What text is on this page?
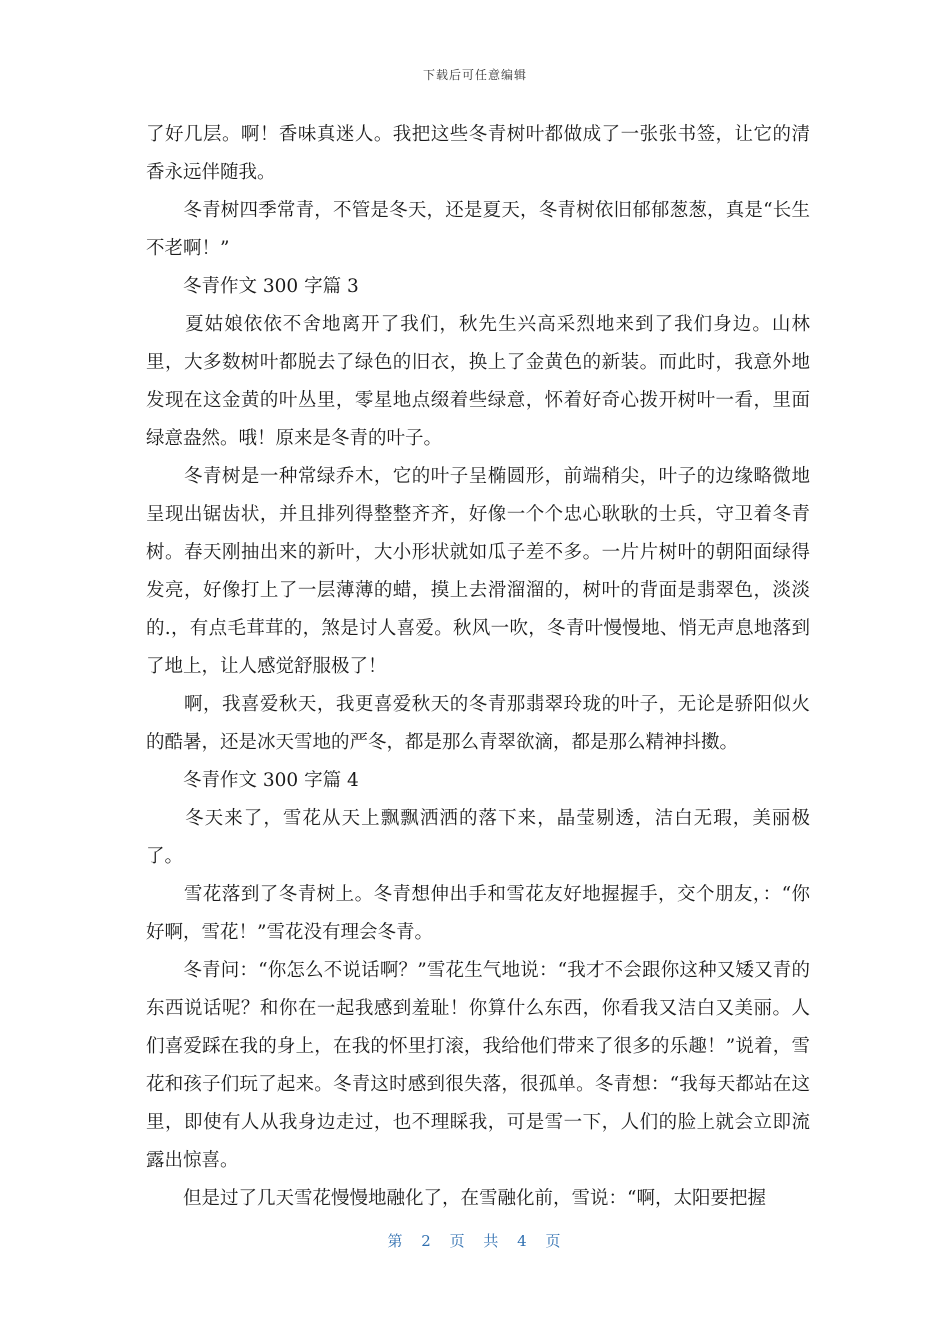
下载后可任意编辑

了好几层。啊！香味真迷人。我把这些冬青树叶都做成了一张张书签，让它的清香永远伴随我。

　　冬青树四季常青，不管是冬天，还是夏天，冬青树依旧郁郁葱葱，真是“长生不老啊！”

　　冬青作文 300 字篇 3

　　夏姑娘依依不舍地离开了我们，秋先生兴高采烈地来到了我们身边。山林里，大多数树叶都脱去了绿色的旧衣，换上了金黄色的新装。而此时，我意外地发现在这金黄的叶丛里，零星地点缀着些绿意，怀着好奇心拨开树叶一看，里面绿意盎然。哦！原来是冬青的叶子。

　　冬青树是一种常绿乔木，它的叶子呈椭圆形，前端稍尖，叶子的边缘略微地呈现出锯齿状，并且排列得整整齐齐，好像一个个忠心耿耿的士兵，守卫着冬青树。春天刚抽出来的新叶，大小形状就如瓜子差不多。一片片树叶的朝阳面绿得发亮，好像打上了一层薄薄的蜡，摸上去滑溜溜的，树叶的背面是翡翠色，淡淡的.，有点毛茸茸的，煞是讨人喜爱。秋风一吹，冬青叶慢慢地、悄无声息地落到了地上，让人感觉舒服极了！

　　啊，我喜爱秋天，我更喜爱秋天的冬青那翡翠玲珑的叶子，无论是骄阳似火的酷暑，还是冰天雪地的严冬，都是那么青翠欲滴，都是那么精神抖擞。

　　冬青作文 300 字篇 4

　　冬天来了，雪花从天上飘飘洒洒的落下来，晶莹剔透，洁白无瑕，美丽极了。

　　雪花落到了冬青树上。冬青想伸出手和雪花友好地握握手，交个朋友，：“你好啊，雪花！”雪花没有理会冬青。

　　冬青问：“你怎么不说话啊？”雪花生气地说：“我才不会跟你这种又矮又青的东西说话呢？和你在一起我感到羞耻！你算什么东西，你看我又洁白又美丽。人们喜爱踩在我的身上，在我的怀里打滚，我给他们带来了很多的乐趣！”说着，雪花和孩子们玩了起来。冬青这时感到很失落，很孤单。冬青想：“我每天都站在这里，即使有人从我身边走过，也不理睬我，可是雪一下，人们的脸上就会立即流露出惊喜。

　　但是过了几天雪花慢慢地融化了，在雪融化前，雪说：“啊，太阳要把握

第 2 页 共 4 页
